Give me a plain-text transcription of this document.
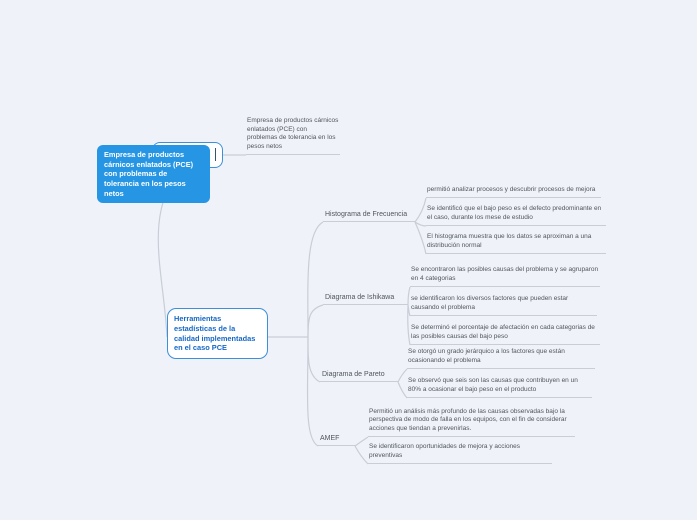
Empresa de productos cárnicos enlatados (PCE) con problemas de tolerancia en los pesos netos
Empresa de productos cárnicos enlatados (PCE) con problemas de tolerancia en los pesos netos
Herramientas estadísticas de la calidad implementadas en el caso PCE
Histograma de Frecuencia
Diagrama de Ishikawa
Diagrama de Pareto
AMEF
permitió analizar procesos y descubrir procesos de mejora
Se identificó que el bajo peso es el defecto predominante en el caso, durante los mese de estudio
El histograma muestra que los datos se aproximan a una distribución normal
Se encontraron las posibles causas del problema y se agruparon en 4 categorias
se identificaron los diversos factores que pueden estar causando el problema
Se determinó el porcentaje de afectación en cada categorias de las posibles causas del bajo peso
Se otorgó un grado jerárquico a los factores que están ocasionando el problema
Se observó que seis son las causas que contribuyen en un 80% a ocasionar el bajo peso en el producto
Permitió un análisis más profundo de las causas observadas bajo la perspectiva de modo de falla en los equipos, con el fin de considerar acciones que tiendan a prevenirlas.
Se identificaron oportunidades de mejora y acciones preventivas
